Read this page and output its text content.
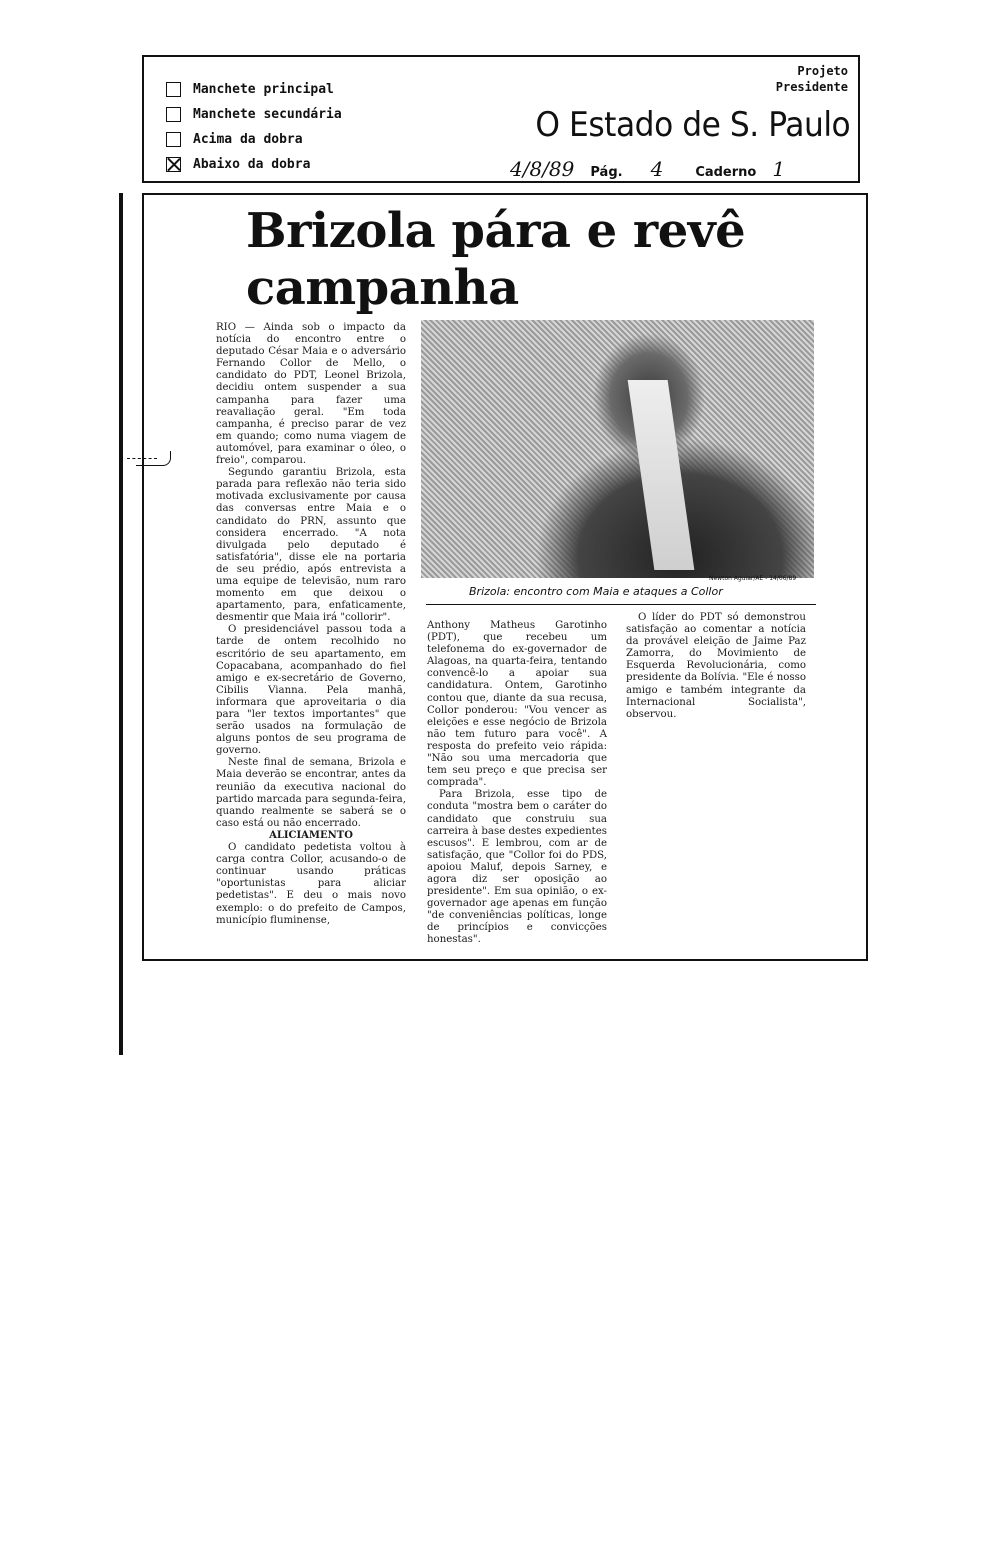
Manchete principal
Manchete secundária
Acima da dobra
Abaixo da dobra
Projeto
Presidente
O Estado de S. Paulo
4/8/89	Pág.	4	Caderno 1
Brizola pára e revê
campanha

RIO — Ainda sob o impacto da notícia do encontro entre o deputado César Maia e o adversário Fernando Collor de Mello, o candidato do PDT, Leonel Brizola, decidiu ontem suspender a sua campanha para fazer uma reavaliação geral. "Em toda campanha, é preciso parar de vez em quando; como numa viagem de automóvel, para examinar o óleo, o freio", comparou.

Segundo garantiu Brizola, esta parada para reflexão não teria sido motivada exclusivamente por causa das conversas entre Maia e o candidato do PRN, assunto que considera encerrado. "A nota divulgada pelo deputado é satisfatória", disse ele na portaria de seu prédio, após entrevista a uma equipe de televisão, num raro momento em que deixou o apartamento, para, enfaticamente, desmentir que Maia irá "collorir".

O presidenciável passou toda a tarde de ontem recolhido no escritório de seu apartamento, em Copacabana, acompanhado do fiel amigo e ex-secretário de Governo, Cibilis Vianna. Pela manhã, informara que aproveitaria o dia para "ler textos importantes" que serão usados na formulação de alguns pontos de seu programa de governo.

Neste final de semana, Brizola e Maia deverão se encontrar, antes da reunião da executiva nacional do partido marcada para segunda-feira, quando realmente se saberá se o caso está ou não encerrado.

ALICIAMENTO

O candidato pedetista voltou à carga contra Collor, acusando-o de continuar usando práticas "oportunistas para aliciar pedetistas". E deu o mais novo exemplo: o do prefeito de Campos, município fluminense,

Newton Aguiar/AE - 14/06/89
Brizola: encontro com Maia e ataques a Collor

Anthony Matheus Garotinho (PDT), que recebeu um telefonema do ex-governador de Alagoas, na quarta-feira, tentando convencê-lo a apoiar sua candidatura. Ontem, Garotinho contou que, diante da sua recusa, Collor ponderou: "Vou vencer as eleições e esse negócio de Brizola não tem futuro para você". A resposta do prefeito veio rápida: "Não sou uma mercadoria que tem seu preço e que precisa ser comprada".

Para Brizola, esse tipo de conduta "mostra bem o caráter do candidato que construiu sua carreira à base destes expedientes escusos". E lembrou, com ar de satisfação, que "Collor foi do PDS, apoiou Maluf, depois Sarney, e agora diz ser oposição ao presidente". Em sua opinião, o ex-governador age apenas em função "de conveniências políticas, longe de princípios e convicções honestas".

O líder do PDT só demonstrou satisfação ao comentar a notícia da provável eleição de Jaime Paz Zamorra, do Movimiento de Esquerda Revolucionária, como presidente da Bolívia. "Ele é nosso amigo e também integrante da Internacional Socialista", observou.
